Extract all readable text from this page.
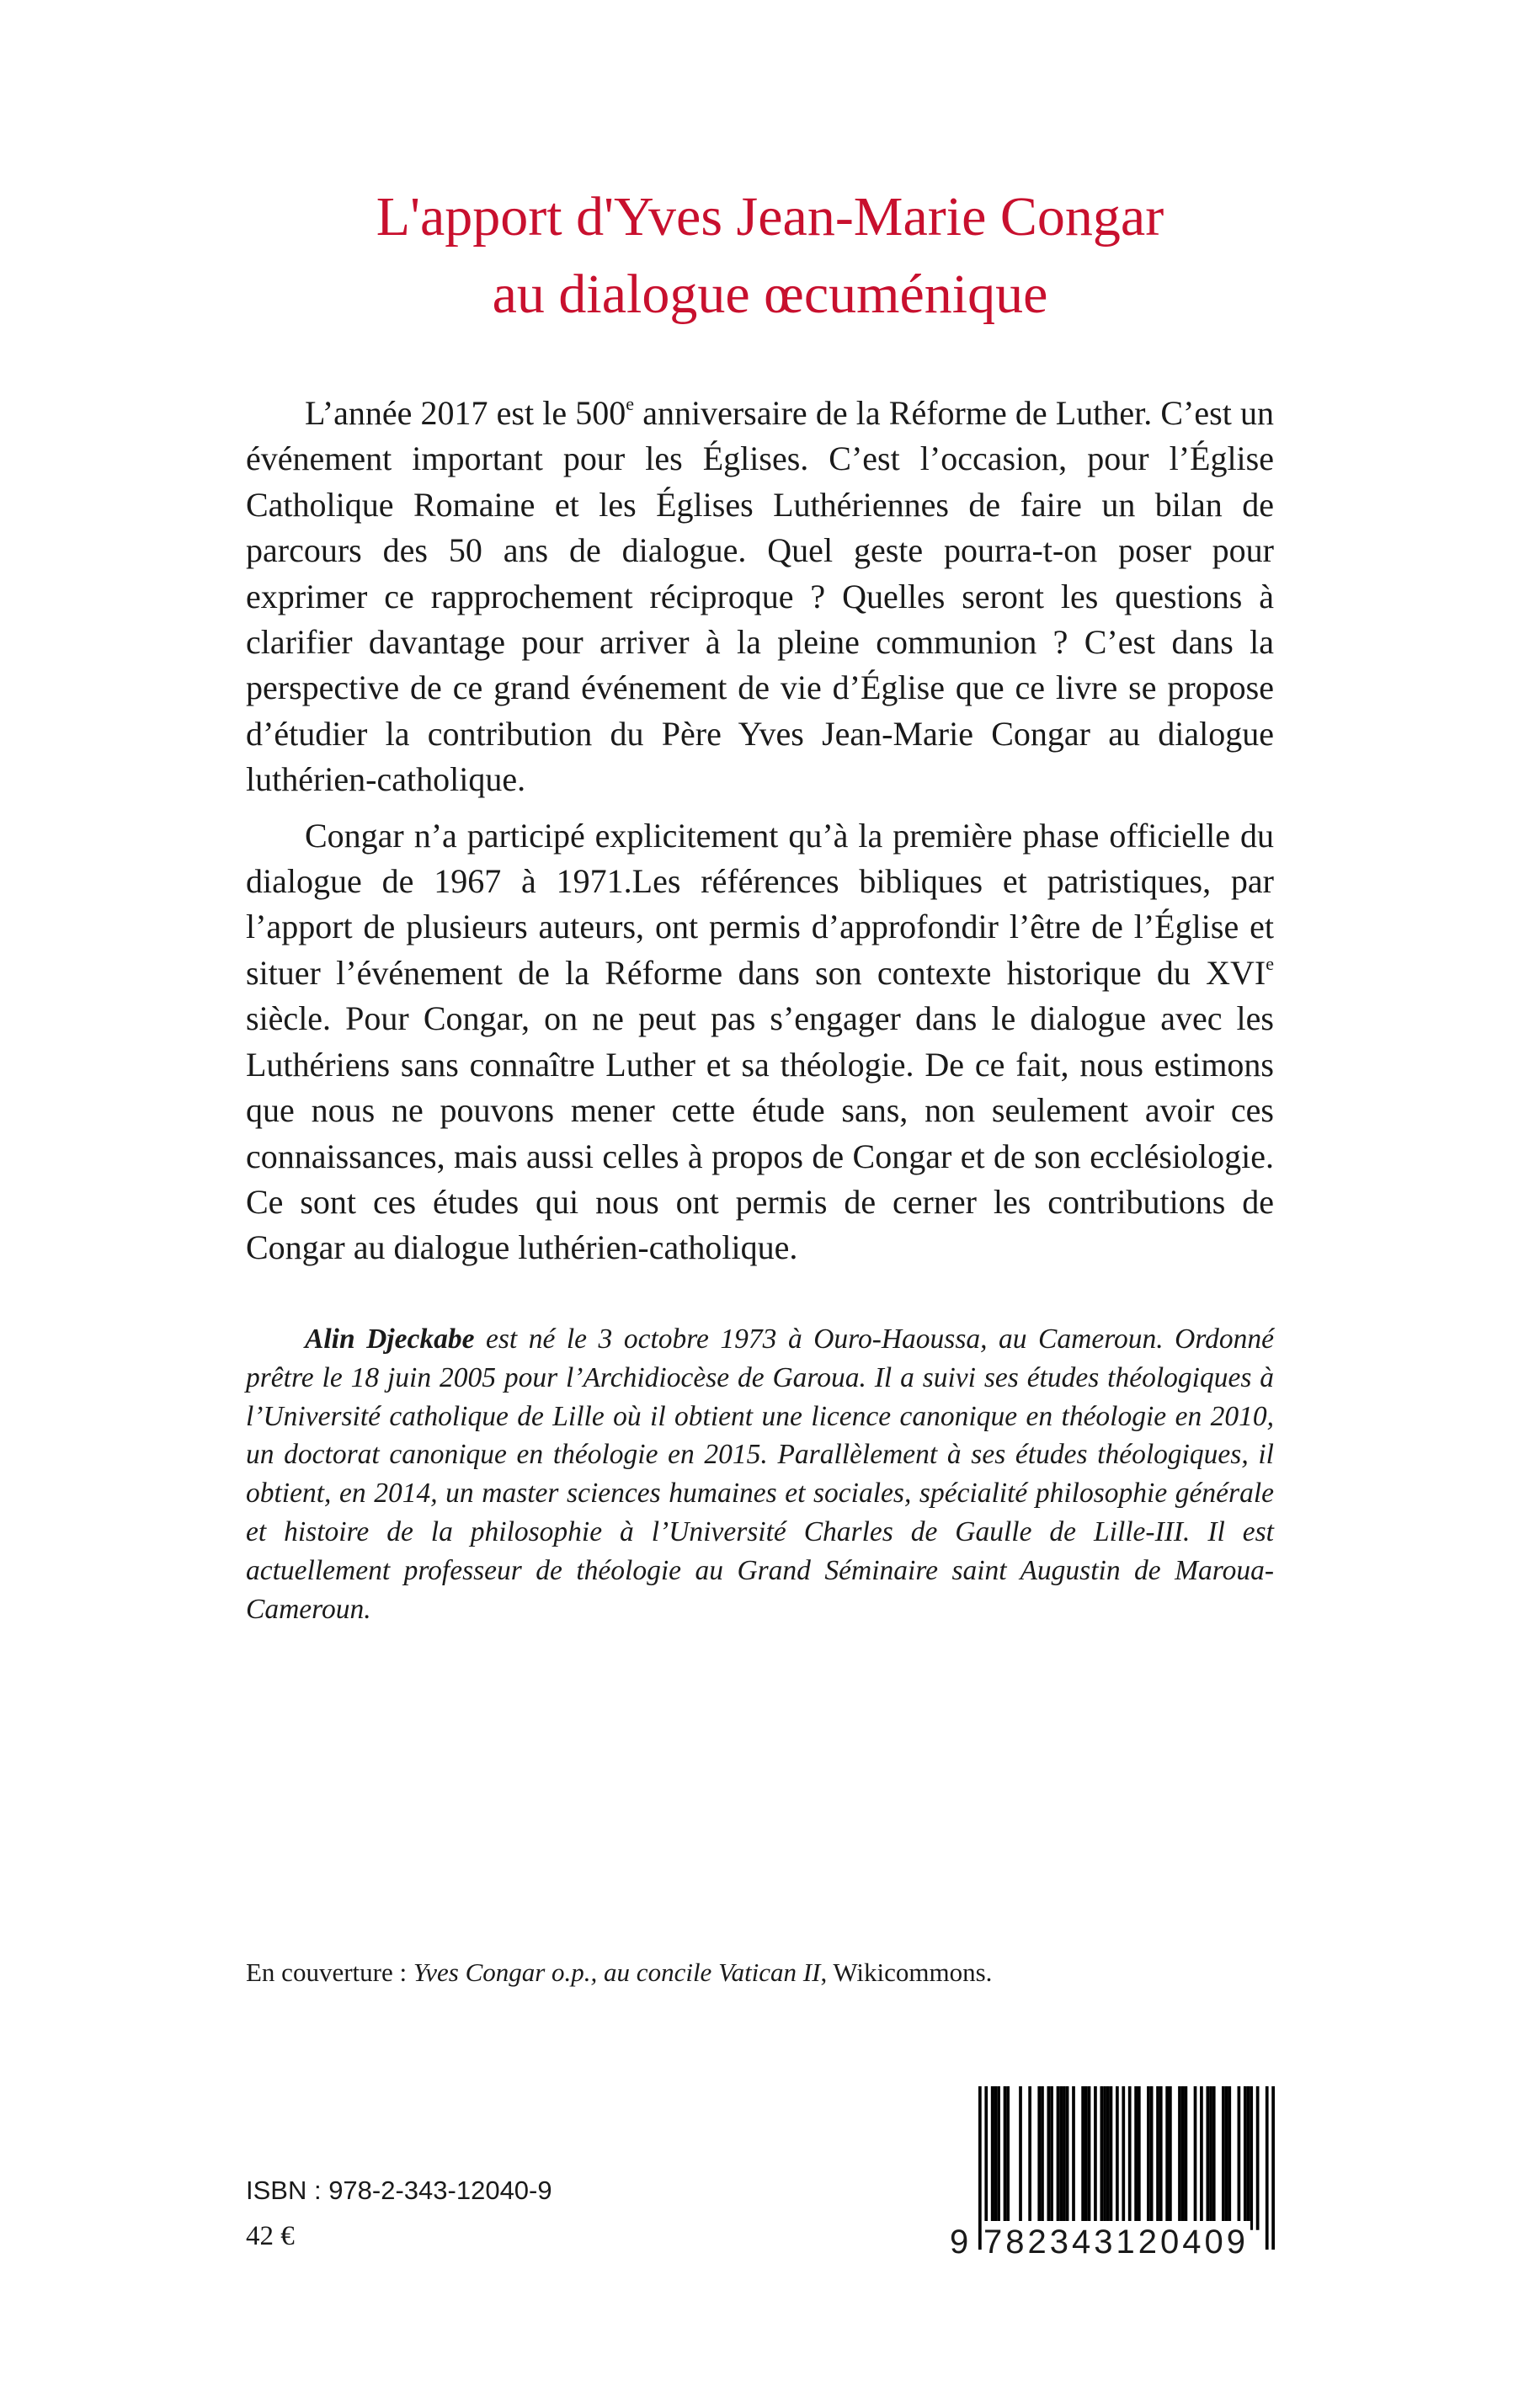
L'apport d'Yves Jean-Marie Congar
au dialogue œcuménique

L’année 2017 est le 500e anniversaire de la Réforme de Luther. C’est un événement important pour les Églises. C’est l’occasion, pour l’Église Catholique Romaine et les Églises Luthériennes de faire un bilan de parcours des 50 ans de dialogue. Quel geste pourra-t-on poser pour exprimer ce rapprochement réciproque ? Quelles seront les questions à clarifier davantage pour arriver à la pleine communion ? C’est dans la perspective de ce grand événement de vie d’Église que ce livre se propose d’étudier la contribution du Père Yves Jean-Marie Congar au dialogue luthérien-catholique.

Congar n’a participé explicitement qu’à la première phase officielle du dialogue de 1967 à 1971.Les références bibliques et patristiques, par l’apport de plusieurs auteurs, ont permis d’approfondir l’être de l’Église et situer l’événement de la Réforme dans son contexte historique du XVIe siècle. Pour Congar, on ne peut pas s’engager dans le dialogue avec les Luthériens sans connaître Luther et sa théologie. De ce fait, nous estimons que nous ne pouvons mener cette étude sans, non seulement avoir ces connaissances, mais aussi celles à propos de Congar et de son ecclésiologie. Ce sont ces études qui nous ont permis de cerner les contributions de Congar au dialogue luthérien-catholique.

Alin Djeckabe est né le 3 octobre 1973 à Ouro-Haoussa, au Cameroun. Ordonné prêtre le 18 juin 2005 pour l’Archidiocèse de Garoua. Il a suivi ses études théologiques à l’Université catholique de Lille où il obtient une licence canonique en théologie en 2010, un doctorat canonique en théologie en 2015. Parallèlement à ses études théologiques, il obtient, en 2014, un master sciences humaines et sociales, spécialité philosophie générale et histoire de la philosophie à l’Université Charles de Gaulle de Lille-III. Il est actuellement professeur de théologie au Grand Séminaire saint Augustin de Maroua-Cameroun.

En couverture : Yves Congar o.p., au concile Vatican II, Wikicommons.
ISBN : 978-2-343-12040-9
42 €	9 782343120409
